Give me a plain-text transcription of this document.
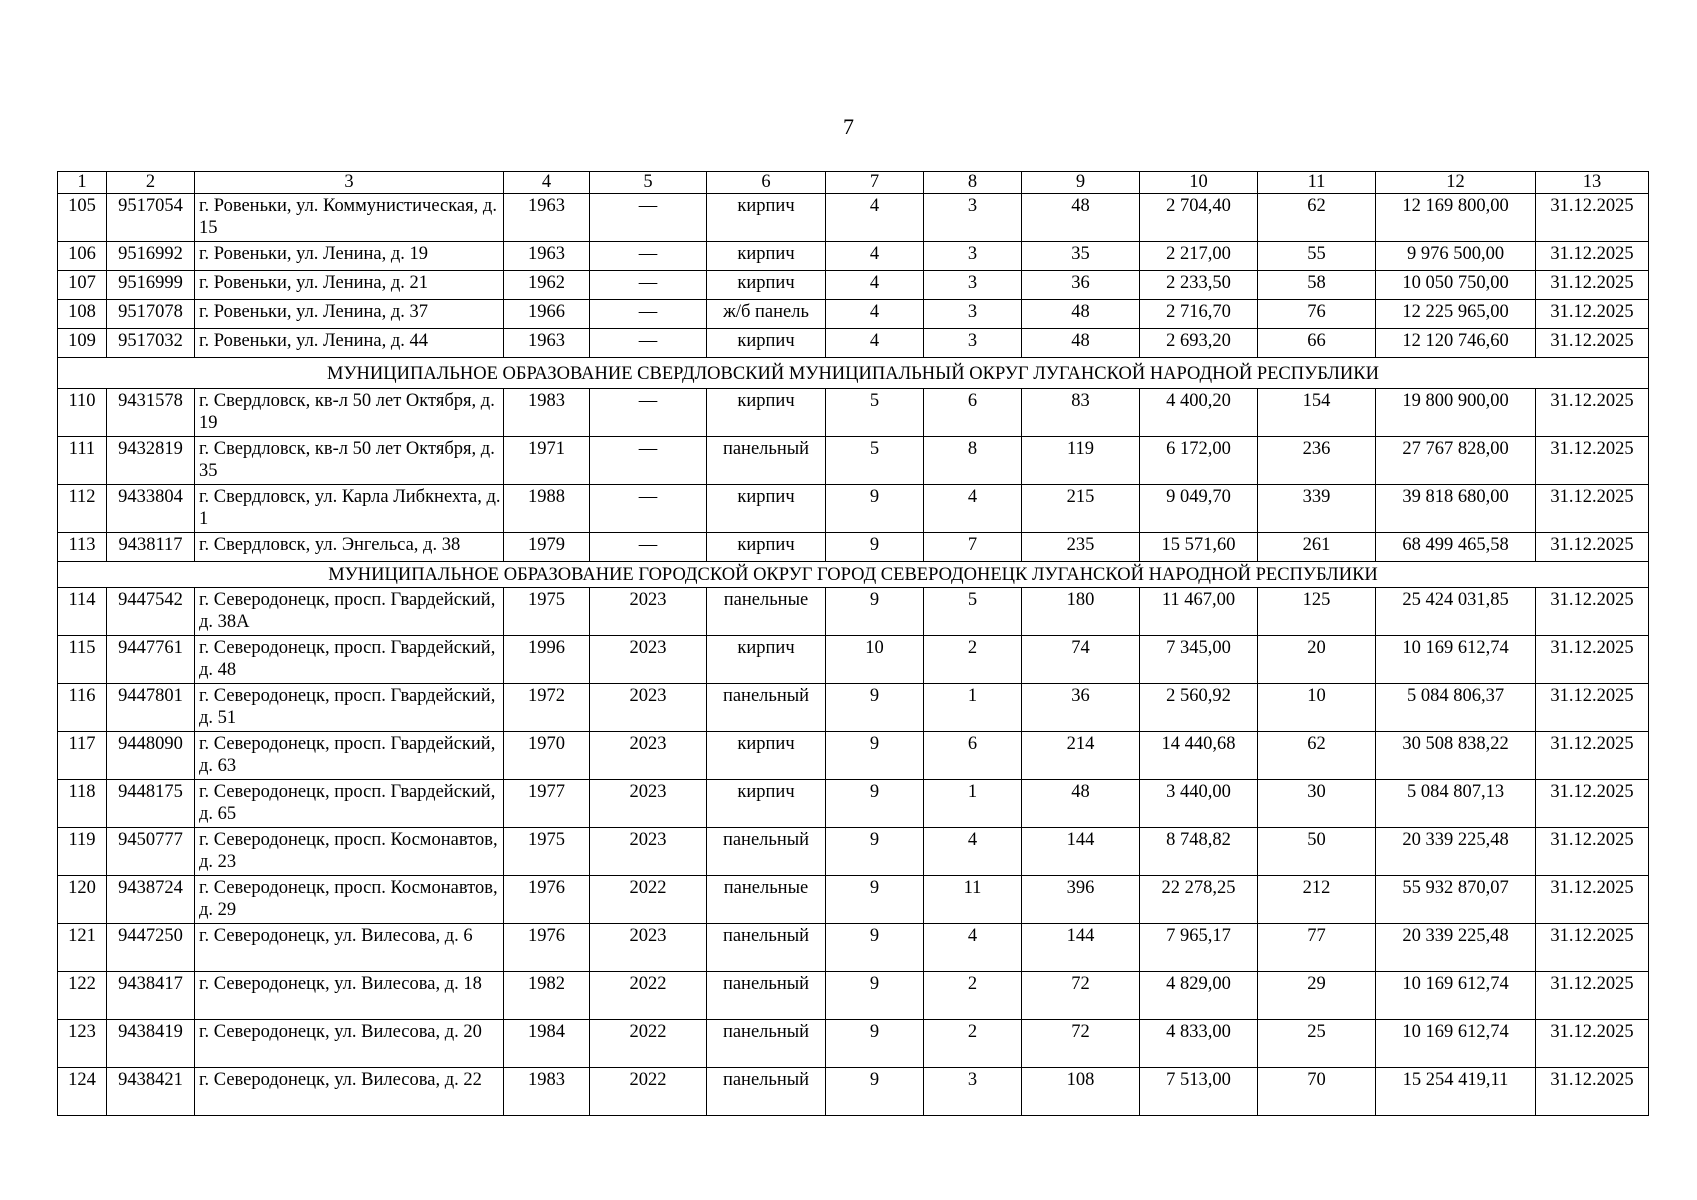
7
1	2	3	4	5	6	7	8	9	10	11	12	13
105	9517054	г. Ровеньки, ул. Коммунистическая, д. 15	1963	—	кирпич	4	3	48	2 704,40	62	12 169 800,00	31.12.2025
106	9516992	г. Ровеньки, ул. Ленина, д. 19	1963	—	кирпич	4	3	35	2 217,00	55	9 976 500,00	31.12.2025
107	9516999	г. Ровеньки, ул. Ленина, д. 21	1962	—	кирпич	4	3	36	2 233,50	58	10 050 750,00	31.12.2025
108	9517078	г. Ровеньки, ул. Ленина, д. 37	1966	—	ж/б панель	4	3	48	2 716,70	76	12 225 965,00	31.12.2025
109	9517032	г. Ровеньки, ул. Ленина, д. 44	1963	—	кирпич	4	3	48	2 693,20	66	12 120 746,60	31.12.2025
МУНИЦИПАЛЬНОЕ ОБРАЗОВАНИЕ СВЕРДЛОВСКИЙ МУНИЦИПАЛЬНЫЙ ОКРУГ ЛУГАНСКОЙ НАРОДНОЙ РЕСПУБЛИКИ												
110	9431578	г. Свердловск, кв-л 50 лет Октября, д. 19	1983	—	кирпич	5	6	83	4 400,20	154	19 800 900,00	31.12.2025
111	9432819	г. Свердловск, кв-л 50 лет Октября, д. 35	1971	—	панельный	5	8	119	6 172,00	236	27 767 828,00	31.12.2025
112	9433804	г. Свердловск, ул. Карла Либкнехта, д. 1	1988	—	кирпич	9	4	215	9 049,70	339	39 818 680,00	31.12.2025
113	9438117	г. Свердловск, ул. Энгельса, д. 38	1979	—	кирпич	9	7	235	15 571,60	261	68 499 465,58	31.12.2025
МУНИЦИПАЛЬНОЕ ОБРАЗОВАНИЕ ГОРОДСКОЙ ОКРУГ ГОРОД СЕВЕРОДОНЕЦК ЛУГАНСКОЙ НАРОДНОЙ РЕСПУБЛИКИ												
114	9447542	г. Северодонецк, просп. Гвардейский, д. 38А	1975	2023	панельные	9	5	180	11 467,00	125	25 424 031,85	31.12.2025
115	9447761	г. Северодонецк, просп. Гвардейский, д. 48	1996	2023	кирпич	10	2	74	7 345,00	20	10 169 612,74	31.12.2025
116	9447801	г. Северодонецк, просп. Гвардейский, д. 51	1972	2023	панельный	9	1	36	2 560,92	10	5 084 806,37	31.12.2025
117	9448090	г. Северодонецк, просп. Гвардейский, д. 63	1970	2023	кирпич	9	6	214	14 440,68	62	30 508 838,22	31.12.2025
118	9448175	г. Северодонецк, просп. Гвардейский, д. 65	1977	2023	кирпич	9	1	48	3 440,00	30	5 084 807,13	31.12.2025
119	9450777	г. Северодонецк, просп. Космонавтов, д. 23	1975	2023	панельный	9	4	144	8 748,82	50	20 339 225,48	31.12.2025
120	9438724	г. Северодонецк, просп. Космонавтов, д. 29	1976	2022	панельные	9	11	396	22 278,25	212	55 932 870,07	31.12.2025
121	9447250	г. Северодонецк, ул. Вилесова, д. 6	1976	2023	панельный	9	4	144	7 965,17	77	20 339 225,48	31.12.2025
122	9438417	г. Северодонецк, ул. Вилесова, д. 18	1982	2022	панельный	9	2	72	4 829,00	29	10 169 612,74	31.12.2025
123	9438419	г. Северодонецк, ул. Вилесова, д. 20	1984	2022	панельный	9	2	72	4 833,00	25	10 169 612,74	31.12.2025
124	9438421	г. Северодонецк, ул. Вилесова, д. 22	1983	2022	панельный	9	3	108	7 513,00	70	15 254 419,11	31.12.2025
